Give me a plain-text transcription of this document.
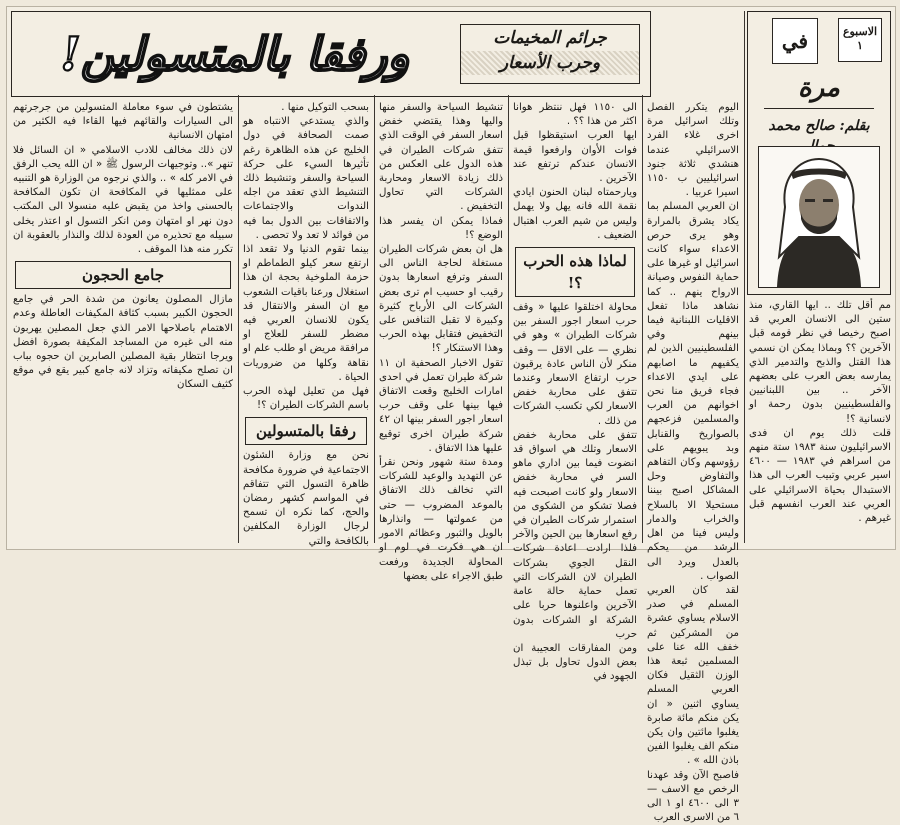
ورفقا بالمتسولين!	جرائم المخيمات
وحرب الأسعار
الاسبوع
١
في
مرة
بقلم: صالح محمد

مم أقل تلك .. ايها القاري، منذ ستين الى الانسان العربي قد اصبح رخيصا في نظر قومه قبل الآخرين ؟؟ وبماذا يمكن ان نسمي هذا القتل والذبح والتدمير الذي يمارسه بعض العرب على بعضهم الآخر .. بين اللبنانيين والفلسطينيين بدون رحمة او لانسانية ؟!

قلت ذلك يوم ان فدى الاسرائيليون سنة ١٩٨٣ ستة منهم من اسراهم في ١٩٨٣ — ٤٦٠٠ اسير عربي وتبيب العرب الى هذا الاستبدال بحياة الاسرائيلي على العربي عند العرب انفسهم قبل غيرهم .

اليوم يتكرر الفصل وتلك اسرائيل مرة اخرى غلاء الفرد الاسرائيلي عندما هنشدي ثلاثة جنود اسرائيليين ب ١١٥٠ اسيرا عربيا .

ان العربي المسلم بما يكاد يشرق بالمرارة وهو يرى حرص الاعداء سواء كانت اسرائيل او غيرها على حماية النفوس وصيانة الارواح ينهم .. كما نشاهد ماذا تفعل الاقليات اللبنانية فيما بينهم وفي الفلسطينيين الذين لم يكفيهم ما اصابهم على ايدي الاعداء فجاء فريق منا نحن اخوانهم من العرب والمسلمين فزعجهم بالصواريخ والقنابل وبد يبويهم على رؤوسهم وكان التفاهم والتفاوض وحل المشاكل اصبح بيننا مستحيلا الا بالسلاح والخراب والدمار وليس فينا من اهل الرشد من يحكم بالعدل ويرد الى الصواب .

لقد كان العربي المسلم في صدر الاسلام يساوي عشرة من المشركين ثم خفف الله عنا على المسلمين ثبعة هذا الوزن الثقيل فكان العربي المسلم يساوي اثنين « ان يكن منكم مائة صابرة يغلبوا مائتين وان يكن منكم الف يغلبوا الفين باذن الله » .

فاصبح الآن وقد عهدنا الرخص مع الاسف — ٣ الى ٤٦٠٠ او ١ الى ٦ من الاسرى العرب

الى ١١٥٠ فهل ننتظر هوانا اكثر من هذا ؟؟ .

ايها العرب استيقظوا قبل فوات الأوان وارفعوا قيمة الانسان عندكم ترتفع عند الآخرين .

ويارحمتاه لبنان الحنون ايادي نقمة الله فانه يهل ولا يهمل وليس من شيم العرب اهتبال الضعيف .

لماذا هذه الحرب ؟!

محاولة اختلقوا عليها « وقف حرب اسعار اجور السفر بين شركات الطيران » وهو في نظري — على الاقل — وقف منكر لأن الناس عادة يرقبون حرب ارتفاع الاسعار وعندما تتفق على محاربة خفض الاسعار لكي تكسب الشركات من ذلك .

تتفق على محاربة خفض الاسعار وتلك هي اسواق قد انضوت فيما بين اداري ماهو السر في محاربة خفض الاسعار ولو كانت اصبحت فيه فصلا تشكو من الشكوى من استمرار شركات الطيران في رفع اسعارها بين الحين والآخر فلذا ارادت اعادة شركات النقل الجوي بشركات الطيران لان الشركات التي تعمل حماية حالة عامة الآخرين واعلنوها حربا على الشركة او الشركات بدون حرب

ومن المفارقات العجيبة ان بعض الدول تحاول بل تبذل الجهود في

تنشيط السياحة والسفر منها واليها وهذا يقتضي خفض اسعار السفر في الوقت الذي تتفق شركات الطيران في هذه الدول على العكس من ذلك زيادة الاسعار ومحاربة الشركات التي تحاول التخفيض .

فماذا يمكن ان يفسر هذا الوضع ؟!

هل ان بعض شركات الطيران مستغلة لحاجة الناس الى السفر وترفع اسعارها بدون رقيب او حسيب ام ترى بعض الشركات الى الأرباح كثيرة وكبيرة لا تقبل التنافس على التخفيض فتقابل بهذه الحرب وهذا الاستنكار ؟!

تقول الاخبار الصحفية ان ١١ شركة طيران تعمل في احدى امارات الخليج وقعت الاتفاق فيها بينها على وقف حرب اسعار اجور السفر بينها ان ٤٢ شركة طيران اخرى توقيع عليها هذا الاتفاق .

ومدة ستة شهور ونحن نقرأ عن التهديد والوعيد للشركات التي تخالف ذلك الاتفاق بالموعد المضروب — حتى من عمولتها — وانذارها بالويل والثبور وعظائم الامور ان هي فكرت في لوم او المحاولة الجديدة ورفعت طبق الاجراء على بعضها

بسحب التوكيل منها .

والذي يستدعي الانتباه هو صمت الصحافة في دول الخليج عن هذه الظاهرة رغم تأثيرها السيء على حركة السياحة والسفر وتنشيط ذلك التنشيط الذي تعقد من اجله الندوات والاجتماعات والاتفاقات بين الدول بما فيه من فوائد لا تعد ولا تحصى .

بينما تقوم الدنيا ولا تقعد اذا ارتفع سعر كيلو الطماطم او حزمة الملوخية بحجة ان هذا استغلال ورعنا باقيات الشعوب مع ان السفر والانتقال قد يكون للانسان العربي فيه مضطر للسفر للعلاج او مرافقة مريض او طلب علم او نقاهة وكلها من ضروريات الحياة .

فهل من تعليل لهذه الحرب باسم الشركات الطيران ؟!

رفقا بالمتسولين

نحن مع وزارة الشئون الاجتماعية في ضرورة مكافحة ظاهرة التسول التي تتفاقم في المواسم كشهر رمضان والحج، كما نكره ان تسمح لرجال الوزارة المكلفين بالكافحة والتي

يشتطون في سوء معاملة المتسولين من جرجرتهم الى السيارات والقائهم فيها القاءا فيه الكثير من امتهان الانسانية

لان ذلك مخالف للادب الاسلامي « ان السائل فلا تنهر ».. وتوجيهات الرسول ﷺ « ان الله يحب الرفق في الامر كله » .. والذي نرجوه من الوزارة هو التنبيه على ممثليها في المكافحة ان تكون المكافحة بالحسنى واخذ من يقبض عليه منسولا الى المكتب دون نهر او امتهان ومن انكر التسول او اعتذر يخلى سبيله مع تحذيره من العودة لذلك والنذار بالعقوبة ان تكرر منه هذا الموقف .

جامع الحجون

مازال المصلون يعانون من شدة الحر في جامع الحجون الكبير بسبب كثافة المكيفات العاطلة وعدم الاهتمام باصلاحها الامر الذي جعل المصلين يهربون منه الى غيره من المساجد المكيفة بصورة افضل ويرجا انتظار بقية المصلين الصابرين ان حجوه بباب ان تصلح مكيفاته وتزاد لانه جامع كبير يقع في موقع كثيف السكان
